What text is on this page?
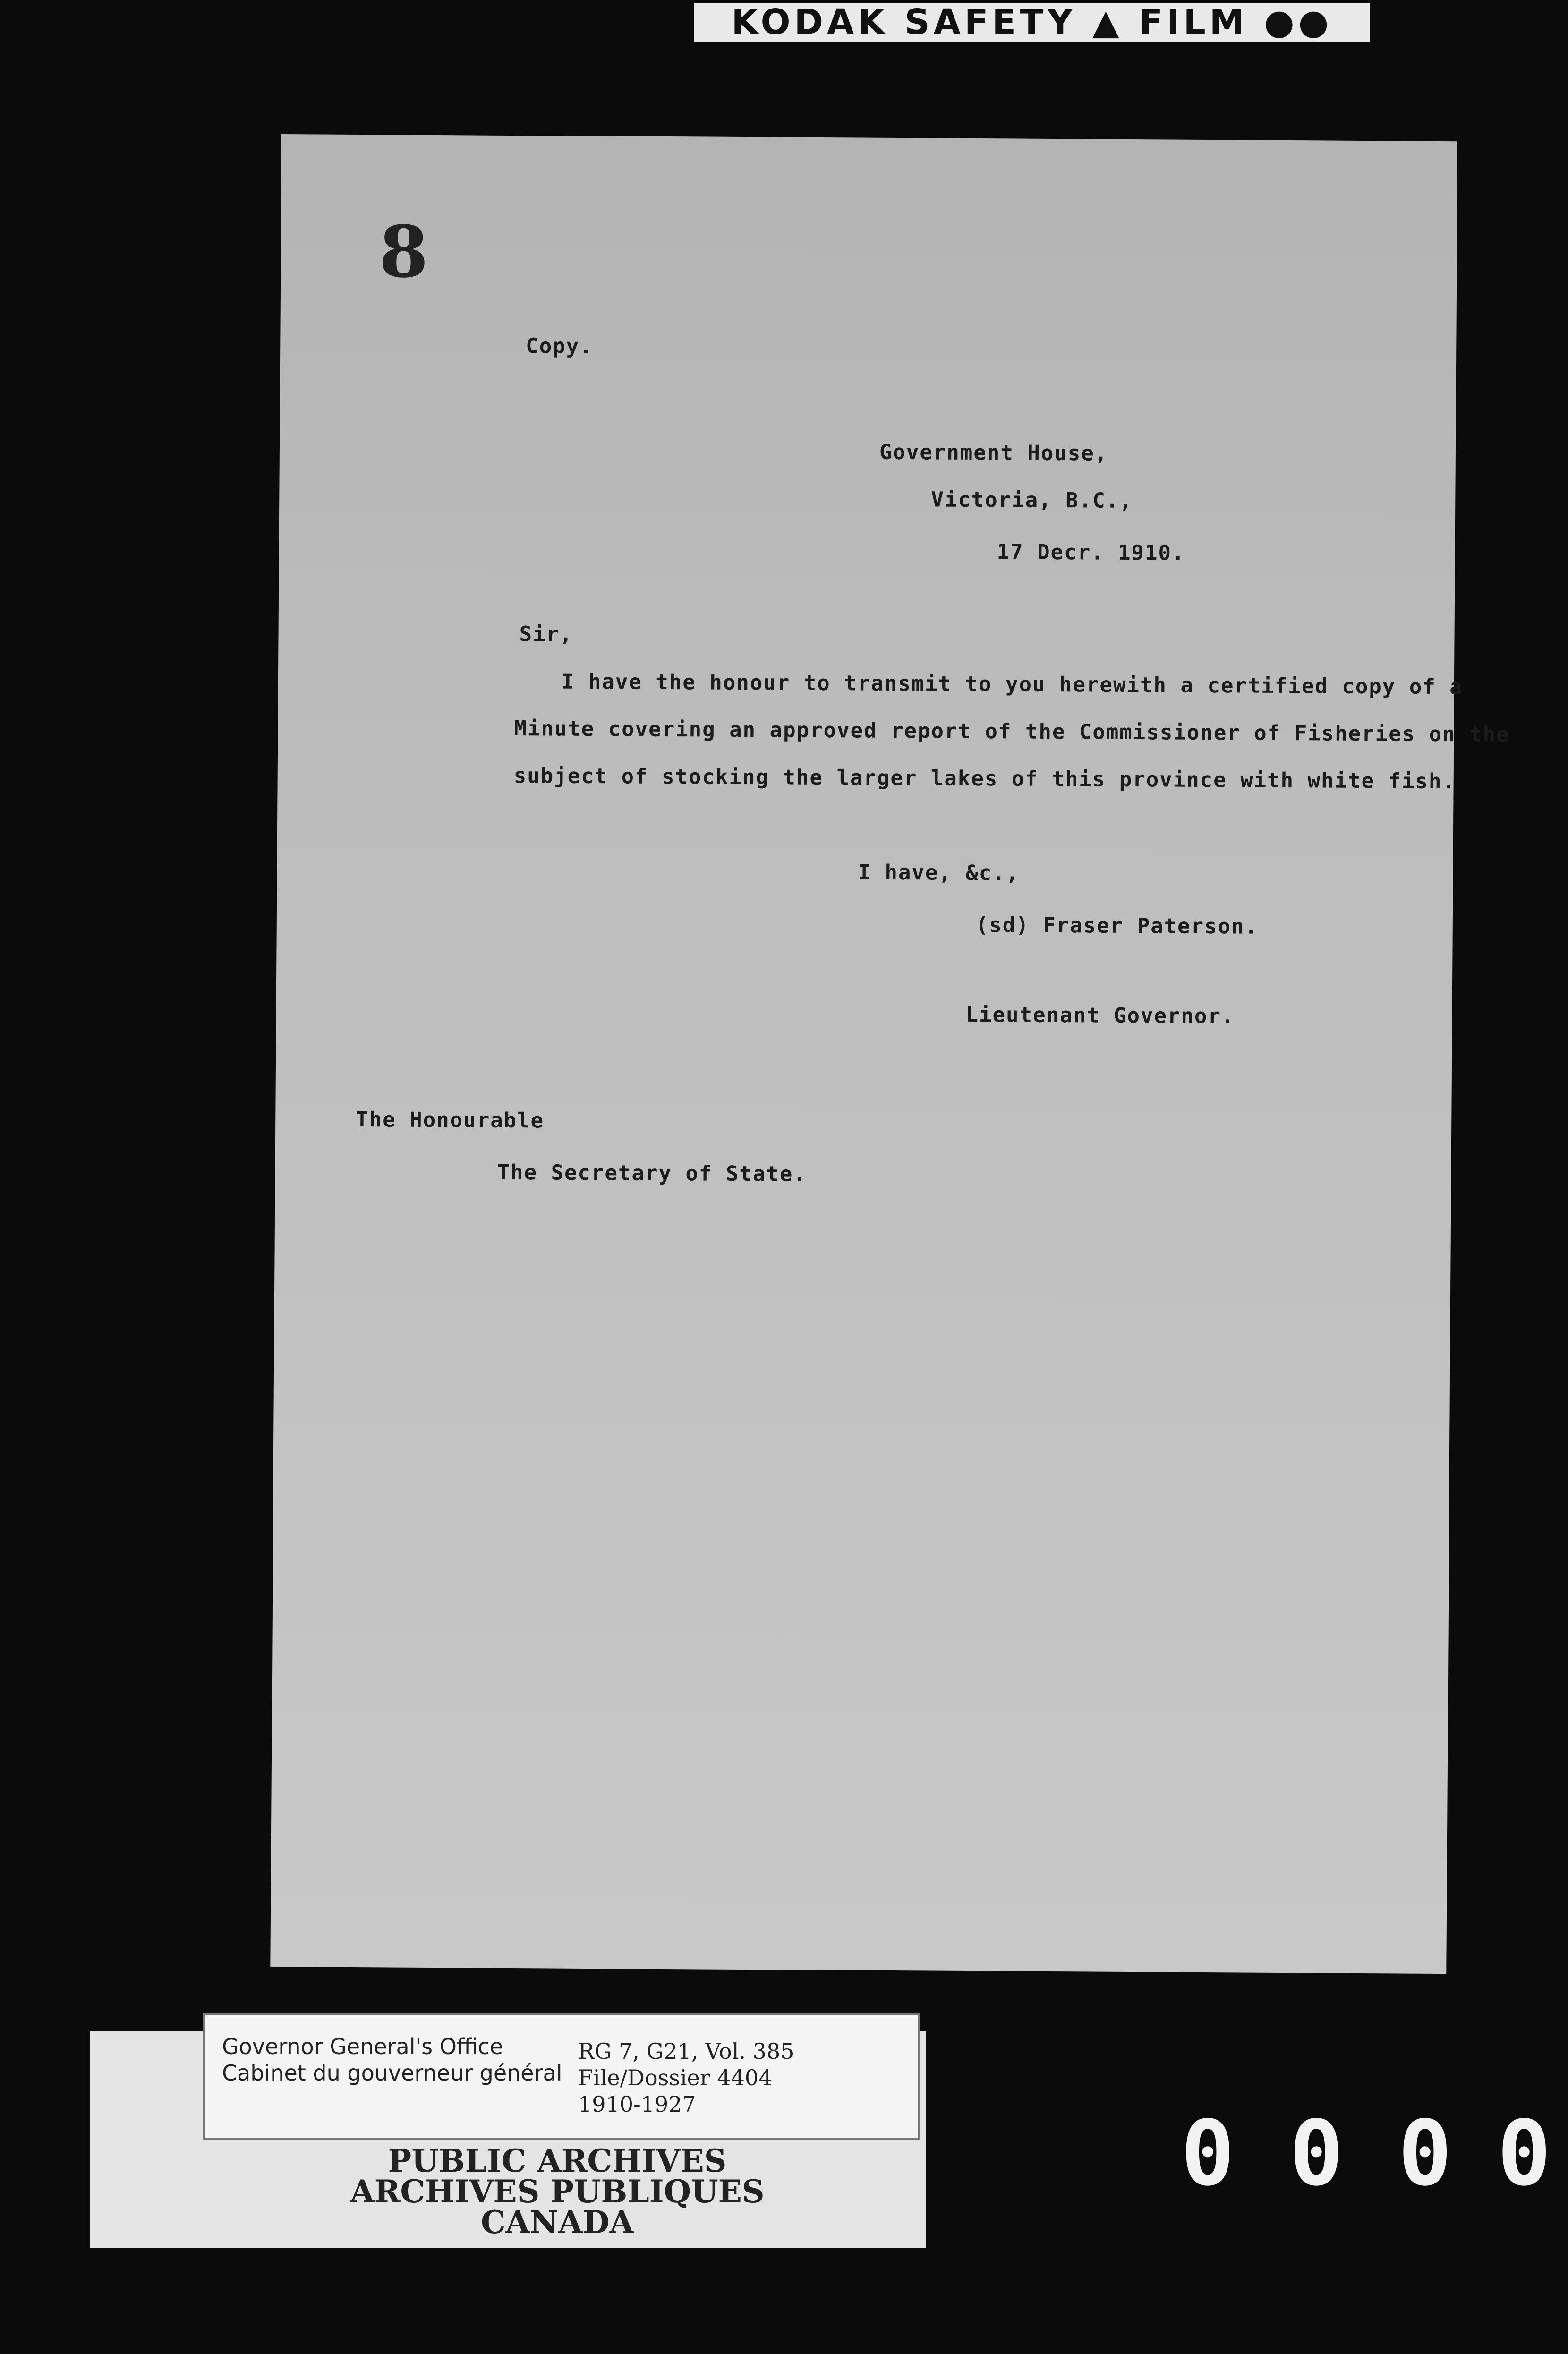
KODAK SAFETY ▲ FILM ●●
8
Copy.
Government House,
Victoria, B.C.,
17 Decr. 1910.
Sir,
I have the honour to transmit to you herewith a certified copy of a
Minute covering an approved report of the Commissioner of Fisheries on the
subject of stocking the larger lakes of this province with white fish.
I have, &c.,
(sd) Fraser Paterson.
Lieutenant Governor.
The Honourable
The Secretary of State.
Governor General's Office
Cabinet du gouverneur général
RG 7, G21, Vol. 385
File/Dossier 4404
1910-1927
PUBLIC ARCHIVES
ARCHIVES PUBLIQUES
CANADA
0 0 0 0
